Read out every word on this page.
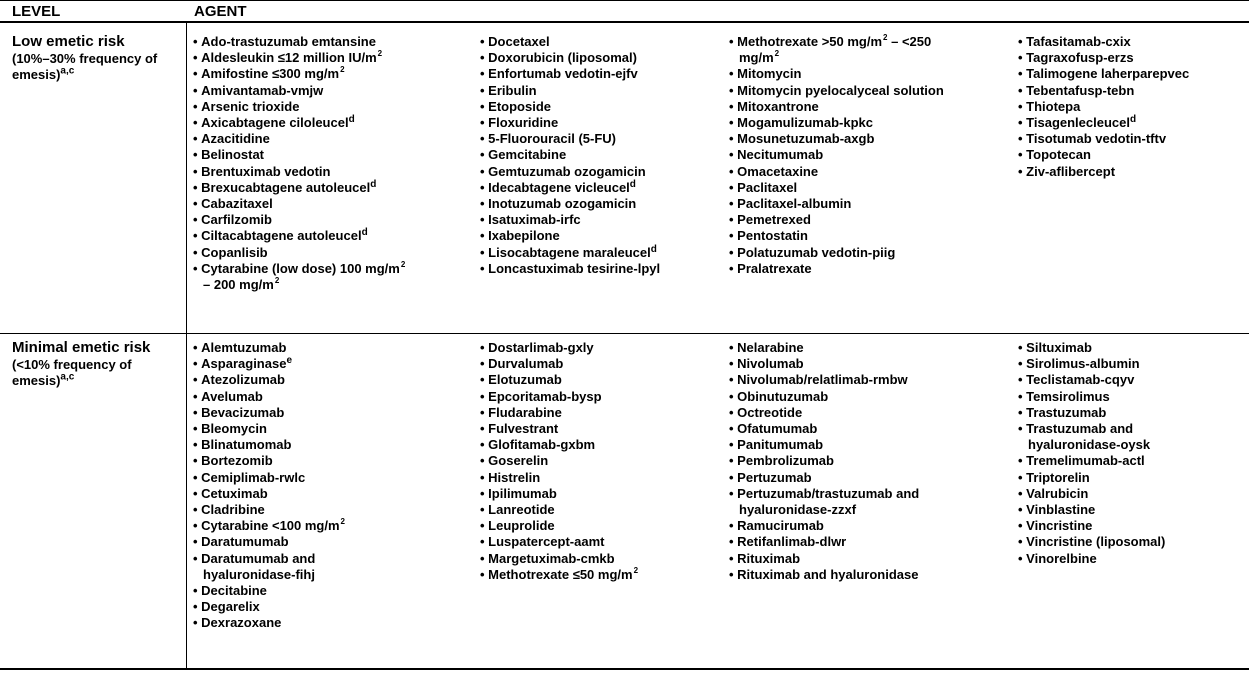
LEVEL	AGENT
Low emetic risk
(10%–30% frequency of emesis)$^{a,c}$
Minimal emetic risk
(<10% frequency of emesis)$^{a,c}$
• Ado-trastuzumab emtansine
• Aldesleukin ≤12 million $IU/m^2$
• Amifostine ≤300 $mg/m^2$
• Amivantamab-vmjw
• Arsenic trioxide
• Axicabtagene ciloleucel$^d$
• Azacitidine
• Belinostat
• Brentuximab vedotin
• Brexucabtagene autoleucel$^d$
• Cabazitaxel
• Carfilzomib
• Ciltacabtagene autoleucel$^d$
• Copanlisib
• Cytarabine (low dose) 100 $mg/m^2$
– 200 $mg/m^2$
• Docetaxel
• Doxorubicin (liposomal)
• Enfortumab vedotin-ejfv
• Eribulin
• Etoposide
• Floxuridine
• 5-Fluorouracil (5-FU)
• Gemcitabine
• Gemtuzumab ozogamicin
• Idecabtagene vicleucel$^d$
• Inotuzumab ozogamicin
• Isatuximab-irfc
• Ixabepilone
• Lisocabtagene maraleucel$^d$
• Loncastuximab tesirine-lpyl
• Methotrexate >50 $mg/m^2 - <250$
$mg/m^2$
• Mitomycin
• Mitomycin pyelocalyceal solution
• Mitoxantrone
• Mogamulizumab-kpkc
• Mosunetuzumab-axgb
• Necitumumab
• Omacetaxine
• Paclitaxel
• Paclitaxel-albumin
• Pemetrexed
• Pentostatin
• Polatuzumab vedotin-piig
• Pralatrexate
• Tafasitamab-cxix
• Tagraxofusp-erzs
• Talimogene laherparepvec
• Tebentafusp-tebn
• Thiotepa
• Tisagenlecleucel$^d$
• Tisotumab vedotin-tftv
• Topotecan
• Ziv-aflibercept
• Alemtuzumab
• Asparaginase$^e$
• Atezolizumab
• Avelumab
• Bevacizumab
• Bleomycin
• Blinatumomab
• Bortezomib
• Cemiplimab-rwlc
• Cetuximab
• Cladribine
• Cytarabine <100 $mg/m^2$
• Daratumumab
• Daratumumab and
hyaluronidase-fihj
• Decitabine
• Degarelix
• Dexrazoxane
• Dostarlimab-gxly
• Durvalumab
• Elotuzumab
• Epcoritamab-bysp
• Fludarabine
• Fulvestrant
• Glofitamab-gxbm
• Goserelin
• Histrelin
• Ipilimumab
• Lanreotide
• Leuprolide
• Luspatercept-aamt
• Margetuximab-cmkb
• Methotrexate ≤50 $mg/m^2$
• Nelarabine
• Nivolumab
• Nivolumab/relatlimab-rmbw
• Obinutuzumab
• Octreotide
• Ofatumumab
• Panitumumab
• Pembrolizumab
• Pertuzumab
• Pertuzumab/trastuzumab and
hyaluronidase-zzxf
• Ramucirumab
• Retifanlimab-dlwr
• Rituximab
• Rituximab and hyaluronidase
• Siltuximab
• Sirolimus-albumin
• Teclistamab-cqyv
• Temsirolimus
• Trastuzumab
• Trastuzumab and
hyaluronidase-oysk
• Tremelimumab-actl
• Triptorelin
• Valrubicin
• Vinblastine
• Vincristine
• Vincristine (liposomal)
• Vinorelbine
